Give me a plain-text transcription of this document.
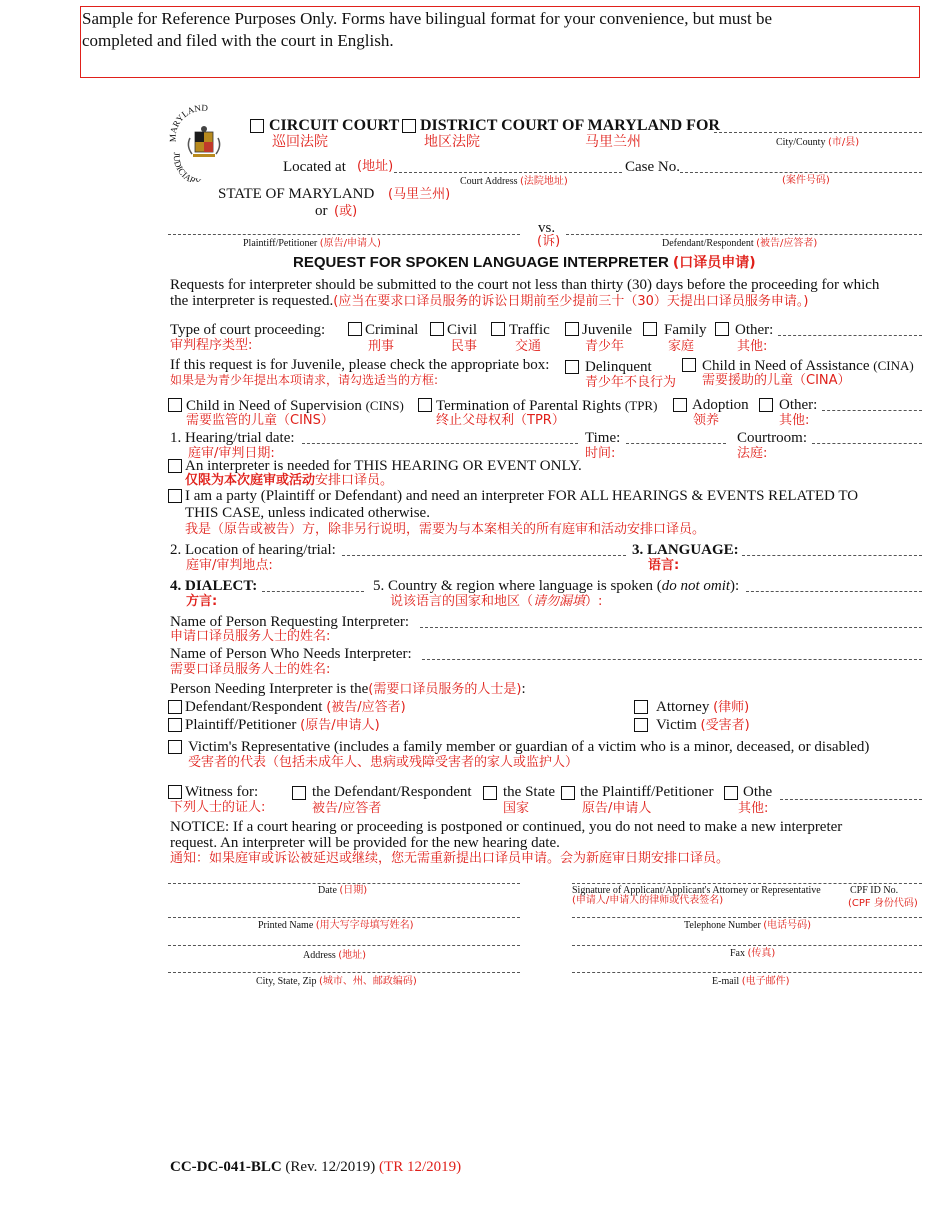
Sample for Reference Purposes Only. Forms have bilingual format for your convenience, but must be
completed and filed with the court in English.
MARYLAND
JUDICIARY
CIRCUIT COURT DISTRICT COURT OF MARYLAND FOR
巡回法院	地区法院	马里兰州	City/County (市/县)
Located at (地址)	Case No.
Court Address (法院地址)	(案件号码)
STATE OF MARYLAND (马里兰州)
or (或)
vs.
Plaintiff/Petitioner (原告/申请人)	(诉)	Defendant/Respondent (被告/应答者)
REQUEST FOR SPOKEN LANGUAGE INTERPRETER (口译员申请)
Requests for interpreter should be submitted to the court not less than thirty (30) days before the proceeding for which
the interpreter is requested.(应当在要求口译员服务的诉讼日期前至少提前三十（30）天提出口译员服务申请。)
Type of court proceeding:
审判程序类型:
Criminal
刑事
Civil
民事
Traffic
交通
Juvenile
青少年
Family
家庭
Other:
其他:
If this request is for Juvenile, please check the appropriate box:
如果是为青少年提出本项请求，请勾选适当的方框:
Delinquent
青少年不良行为
Child in Need of Assistance (CINA)
需要援助的儿童（CINA）
Child in Need of Supervision (CINS)
需要监管的儿童（CINS）
Termination of Parental Rights (TPR)
终止父母权利（TPR）
Adoption
领养
Other:
其他:
1. Hearing/trial date:
庭审/审判日期:
Time:
时间:
Courtroom:
法庭:
An interpreter is needed for THIS HEARING OR EVENT ONLY.
仅限为本次庭审或活动安排口译员。
I am a party (Plaintiff or Defendant) and need an interpreter FOR ALL HEARINGS & EVENTS RELATED TO
THIS CASE, unless indicated otherwise.
我是（原告或被告）方，除非另行说明，需要为与本案相关的所有庭审和活动安排口译员。
2. Location of hearing/trial:
庭审/审判地点:
3. LANGUAGE:
语言:
4. DIALECT:
方言:
5. Country & region where language is spoken (do not omit):
说该语言的国家和地区（请勿漏填）:
Name of Person Requesting Interpreter:
申请口译员服务人士的姓名:
Name of Person Who Needs Interpreter:
需要口译员服务人士的姓名:
Person Needing Interpreter is the(需要口译员服务的人士是):
Defendant/Respondent (被告/应答者)
Plaintiff/Petitioner (原告/申请人)
Attorney (律师)
Victim (受害者)
Victim's Representative (includes a family member or guardian of a victim who is a minor, deceased, or disabled)
受害者的代表（包括未成年人、患病或残障受害者的家人或监护人）
Witness for:
下列人士的证人:
the Defendant/Respondent
被告/应答者
the State
国家
the Plaintiff/Petitioner
原告/申请人
Othe
其他:
NOTICE: If a court hearing or proceeding is postponed or continued, you do not need to make a new interpreter
request. An interpreter will be provided for the new hearing date.
通知：如果庭审或诉讼被延迟或继续，您无需重新提出口译员申请。会为新庭审日期安排口译员。
Date (日期)	Signature of Applicant/Applicant's Attorney or Representative
(申请人/申请人的律师或代表签名)
CPF ID No.
(CPF 身份代码)
Printed Name (用大写字母填写姓名)	Telephone Number (电话号码)
Address (地址)	Fax (传真)
City, State, Zip (城市、州、邮政编码)	E-mail (电子邮件)
CC-DC-041-BLC (Rev. 12/2019) (TR 12/2019)
